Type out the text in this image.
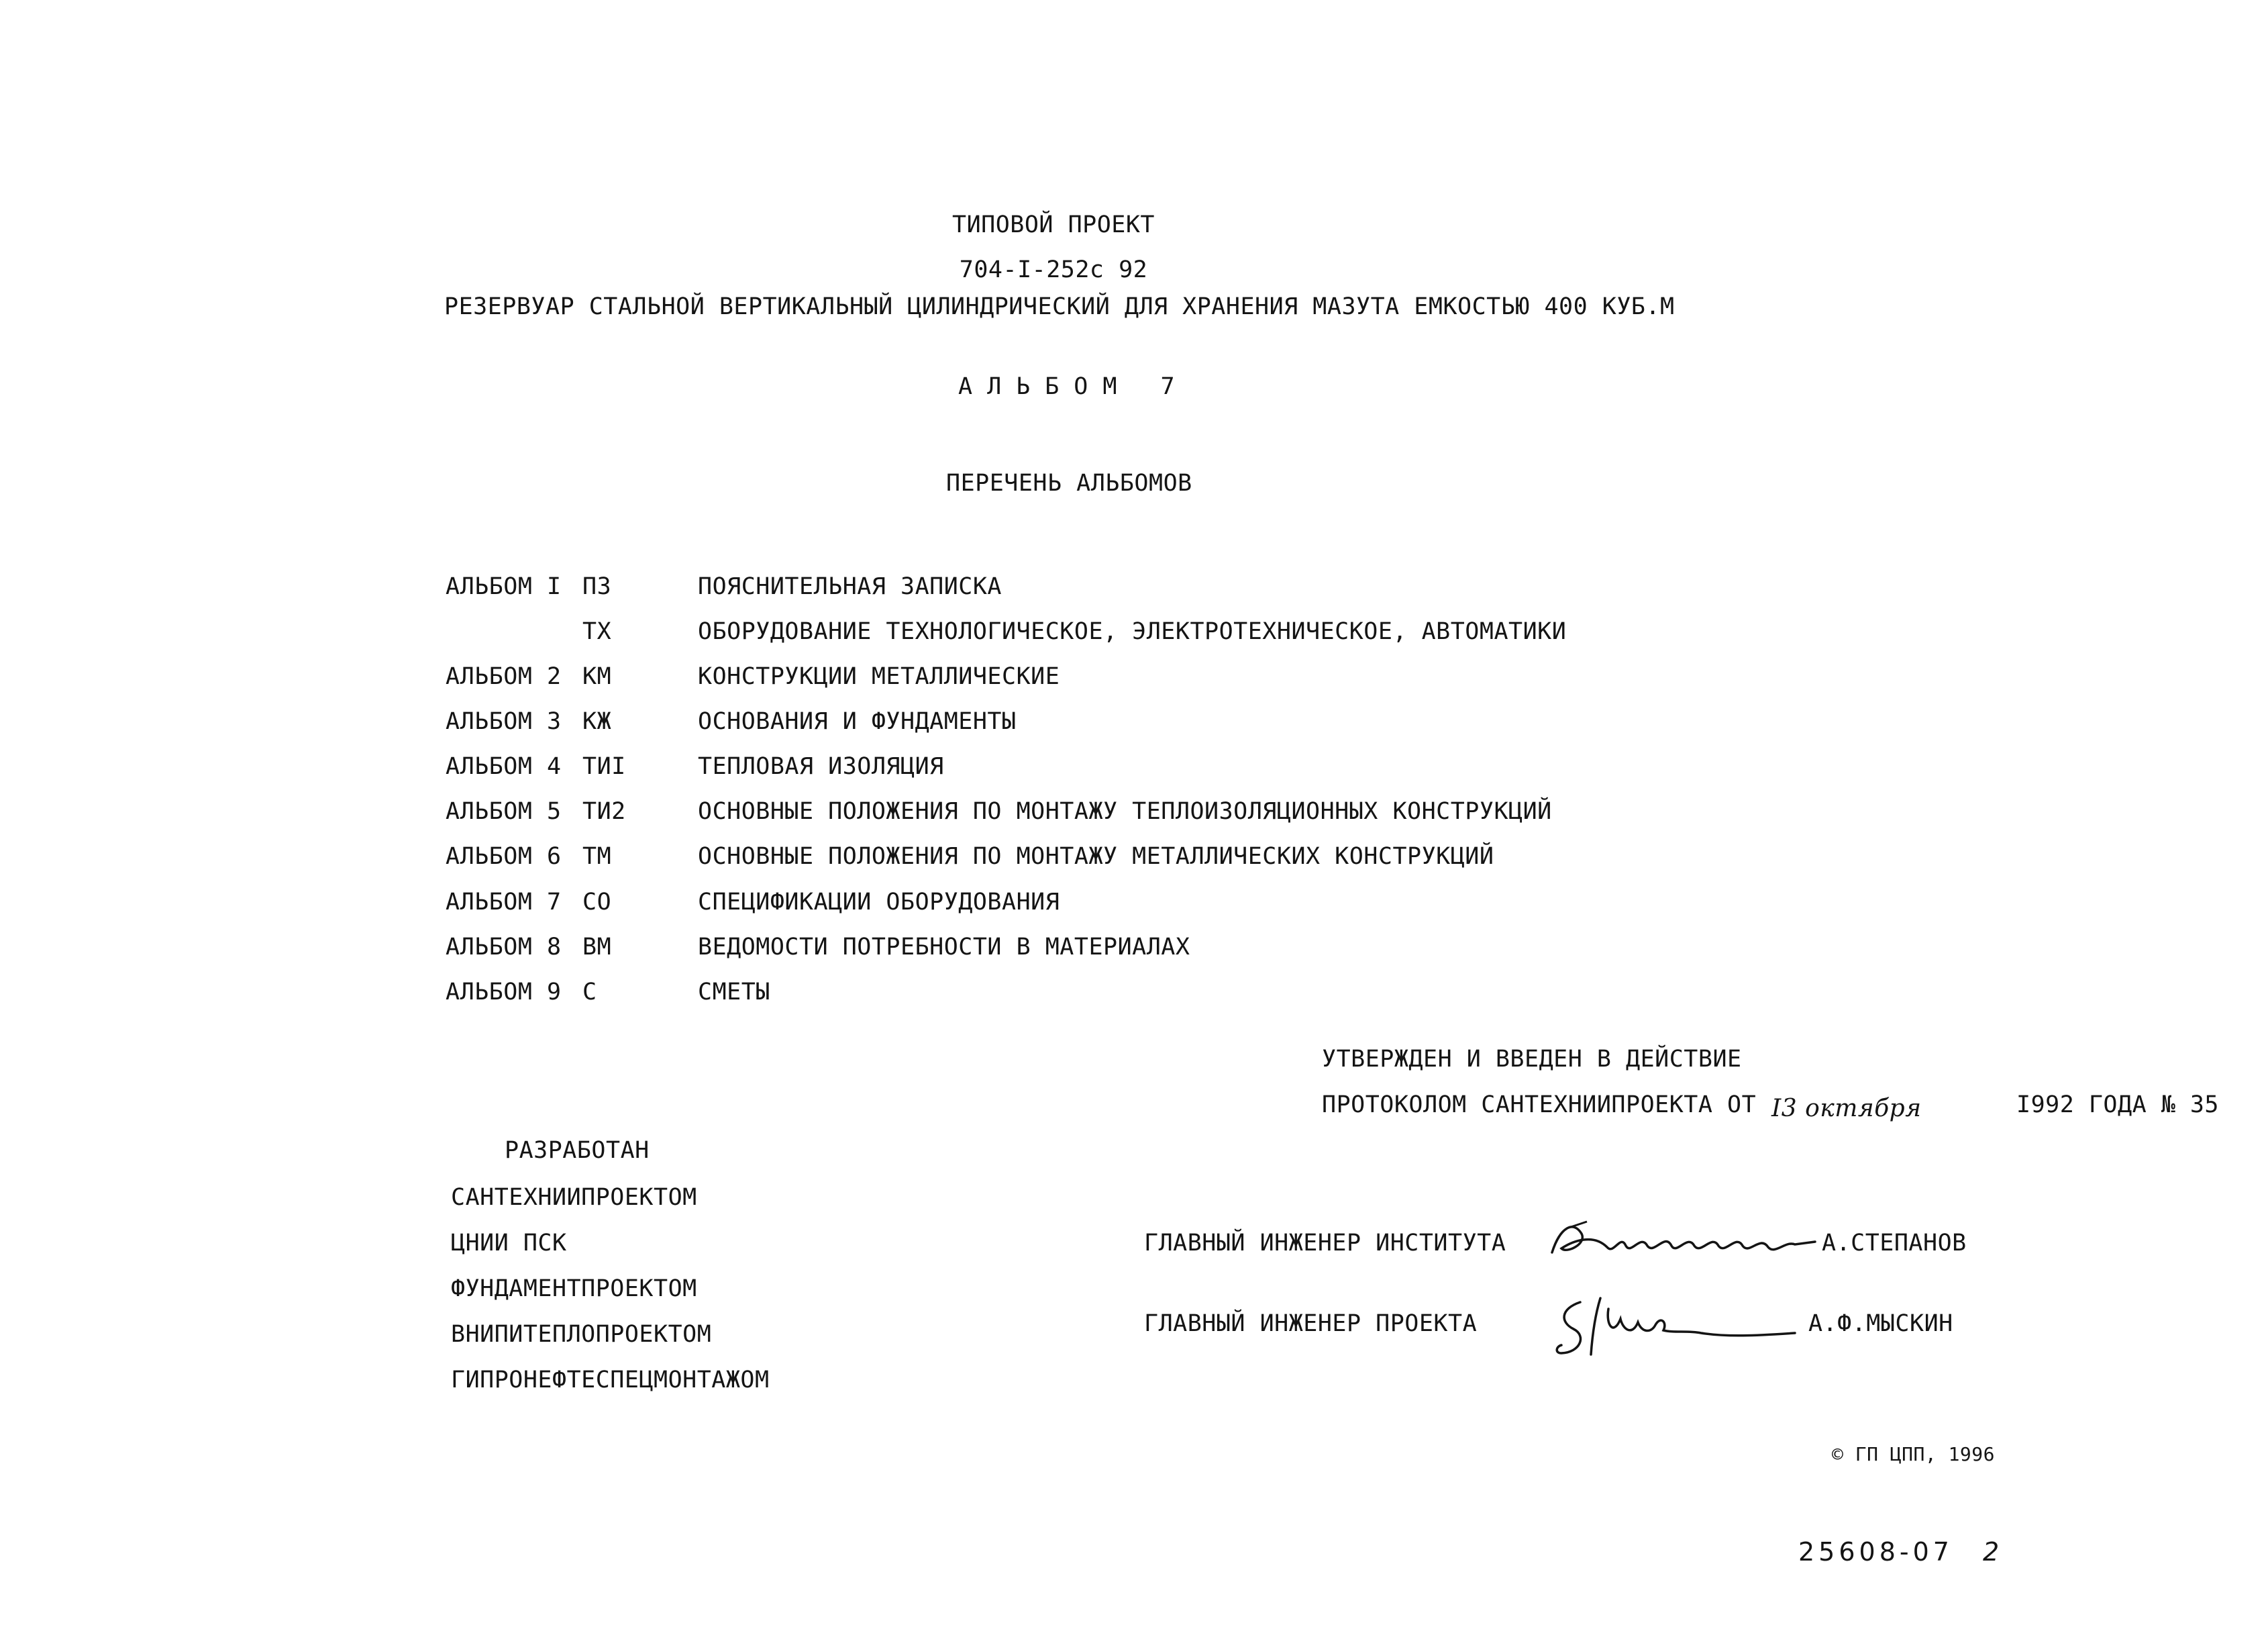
ТИПОВОЙ ПРОЕКТ
704-I-252с 92
РЕЗЕРВУАР СТАЛЬНОЙ ВЕРТИКАЛЬНЫЙ ЦИЛИНДРИЧЕСКИЙ ДЛЯ ХРАНЕНИЯ МАЗУТА ЕМКОСТЬЮ 400 КУБ.М
АЛЬБОМ 7
ПЕРЕЧЕНЬ АЛЬБОМОВ
АЛЬБОМ I ПЗ	ПОЯСНИТЕЛЬНАЯ ЗАПИСКА
ТХ	ОБОРУДОВАНИЕ ТЕХНОЛОГИЧЕСКОЕ, ЭЛЕКТРОТЕХНИЧЕСКОЕ, АВТОМАТИКИ
АЛЬБОМ 2 КМ	КОНСТРУКЦИИ МЕТАЛЛИЧЕСКИЕ
АЛЬБОМ 3 КЖ	ОСНОВАНИЯ И ФУНДАМЕНТЫ
АЛЬБОМ 4 ТИI	ТЕПЛОВАЯ ИЗОЛЯЦИЯ
АЛЬБОМ 5 ТИ2	ОСНОВНЫЕ ПОЛОЖЕНИЯ ПО МОНТАЖУ ТЕПЛОИЗОЛЯЦИОННЫХ КОНСТРУКЦИЙ
АЛЬБОМ 6 ТМ	ОСНОВНЫЕ ПОЛОЖЕНИЯ ПО МОНТАЖУ МЕТАЛЛИЧЕСКИХ КОНСТРУКЦИЙ
АЛЬБОМ 7 СО	СПЕЦИФИКАЦИИ ОБОРУДОВАНИЯ
АЛЬБОМ 8 ВМ	ВЕДОМОСТИ ПОТРЕБНОСТИ В МАТЕРИАЛАХ
АЛЬБОМ 9 С	СМЕТЫ
УТВЕРЖДЕН И ВВЕДЕН В ДЕЙСТВИЕ
ПРОТОКОЛОМ САНТЕХНИИПРОЕКТА ОТ I3 октября	I992 ГОДА № 35
РАЗРАБОТАН
САНТЕХНИИПРОЕКТОМ
ЦНИИ ПСК
ФУНДАМЕНТПРОЕКТОМ
ВНИПИТЕПЛОПРОЕКТОМ
ГИПРОНЕФТЕСПЕЦМОНТАЖОМ
ГЛАВНЫЙ ИНЖЕНЕР ИНСТИТУТА	А.СТЕПАНОВ
ГЛАВНЫЙ ИНЖЕНЕР ПРОЕКТА	А.Ф.МЫСКИН
© ГП ЦПП, 1996
25608-07 2
